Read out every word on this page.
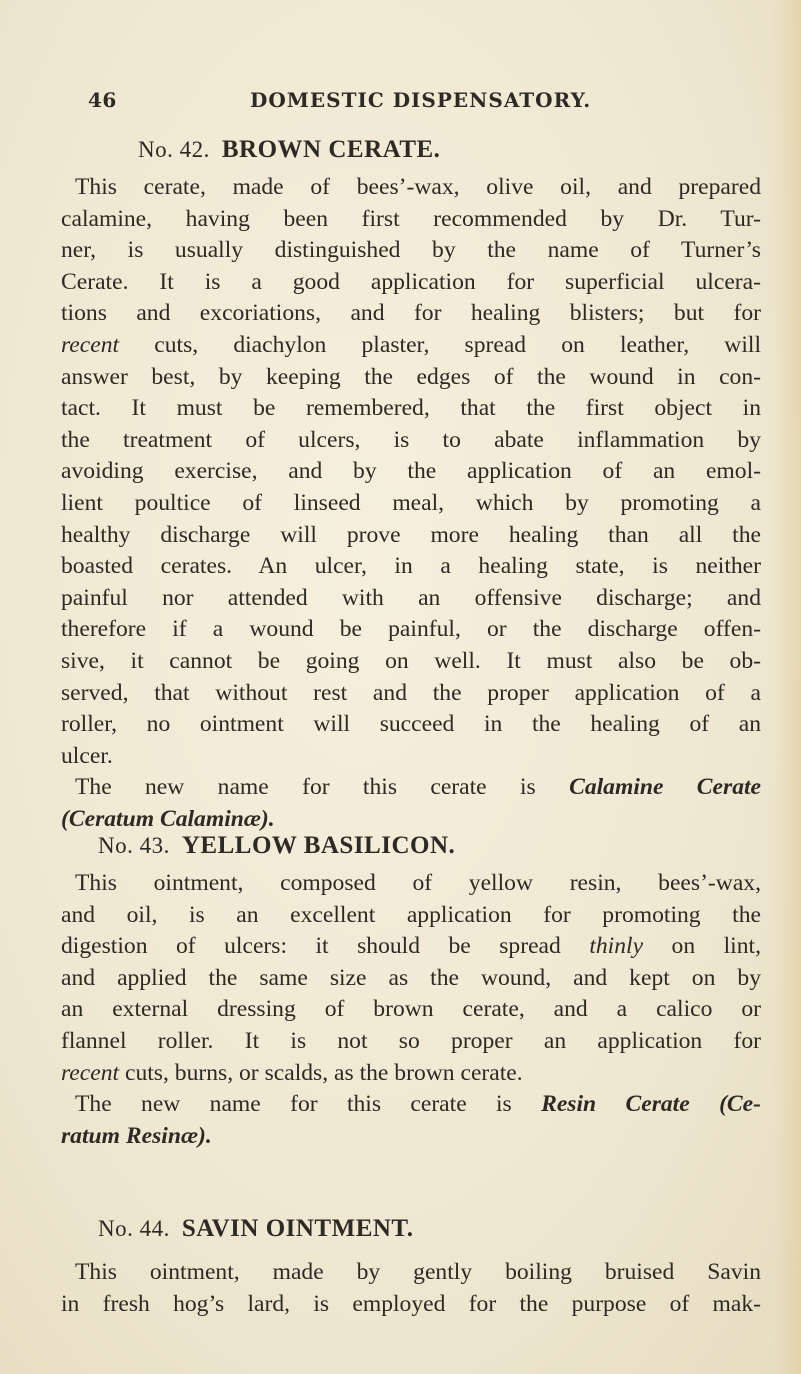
46	DOMESTIC DISPENSATORY.
No. 42. BROWN CERATE.
This cerate, made of bees’-wax, olive oil, and prepared
calamine, having been first recommended by Dr. Tur-
ner, is usually distinguished by the name of Turner’s
Cerate. It is a good application for superficial ulcera-
tions and excoriations, and for healing blisters; but for
recent cuts, diachylon plaster, spread on leather, will
answer best, by keeping the edges of the wound in con-
tact. It must be remembered, that the first object in
the treatment of ulcers, is to abate inflammation by
avoiding exercise, and by the application of an emol-
lient poultice of linseed meal, which by promoting a
healthy discharge will prove more healing than all the
boasted cerates. An ulcer, in a healing state, is neither
painful nor attended with an offensive discharge; and
therefore if a wound be painful, or the discharge offen-
sive, it cannot be going on well. It must also be ob-
served, that without rest and the proper application of a
roller, no ointment will succeed in the healing of an
ulcer.
The new name for this cerate is Calamine Cerate
(Ceratum Calaminæ).
No. 43. YELLOW BASILICON.
This ointment, composed of yellow resin, bees’-wax,
and oil, is an excellent application for promoting the
digestion of ulcers: it should be spread thinly on lint,
and applied the same size as the wound, and kept on by
an external dressing of brown cerate, and a calico or
flannel roller. It is not so proper an application for
recent cuts, burns, or scalds, as the brown cerate.
The new name for this cerate is Resin Cerate (Ce-
ratum Resinæ).
No. 44. SAVIN OINTMENT.
This ointment, made by gently boiling bruised Savin
in fresh hog’s lard, is employed for the purpose of mak-
